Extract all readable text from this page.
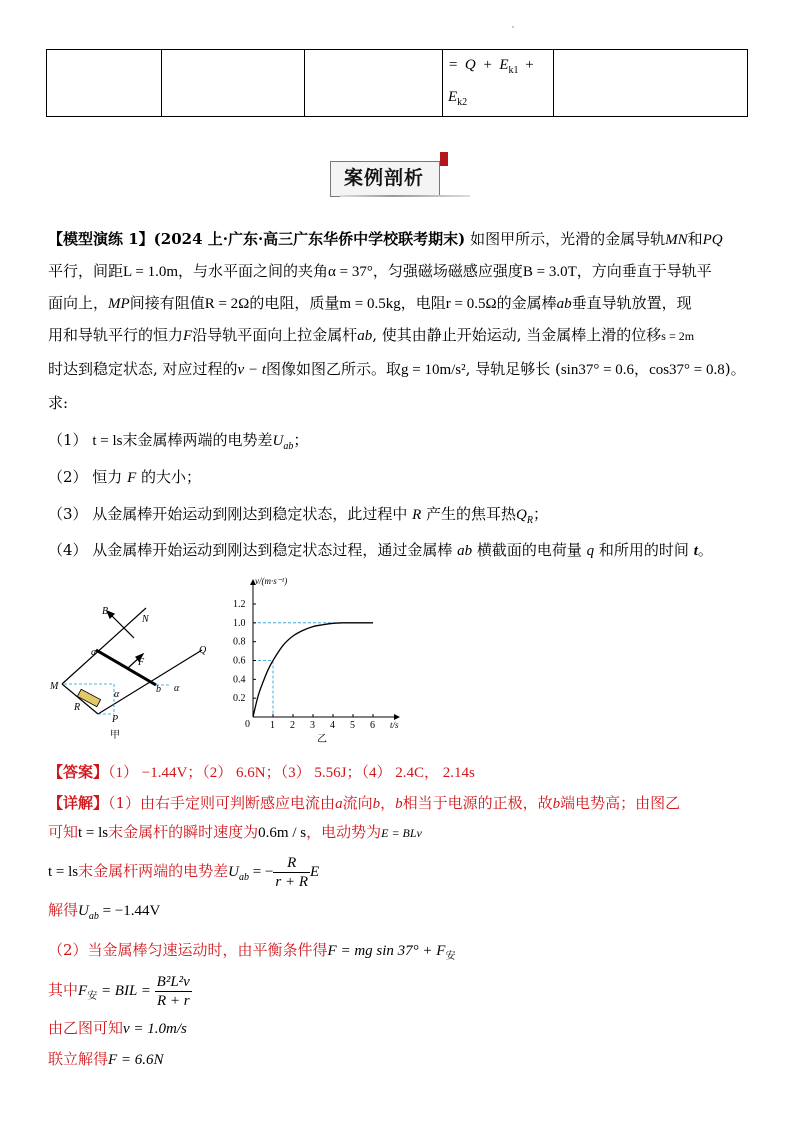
= $Q + E_{k1}$ +
$E_{k2}$

案例剖析
【模型演练 1】(2024 上·广东·高三广东华侨中学校联考期末) 如图甲所示，光滑的金属导轨MN和PQ
平行，间距L = 1.0m，与水平面之间的夹角α = 37°，匀强磁场磁感应强度B = 3.0T，方向垂直于导轨平
面向上，MP间接有阻值R = 2Ω的电阻，质量m = 0.5kg，电阻r = 0.5Ω的金属棒ab垂直导轨放置，现
用和导轨平行的恒力F沿导轨平面向上拉金属杆ab, 使其由静止开始运动, 当金属棒上滑的位移s = 2m
时达到稳定状态, 对应过程的v − t图像如图乙所示。取g = 10m/s², 导轨足够长 (sin37° = 0.6，cos37° = 0.8)。
求:
（1） t = ls末金属棒两端的电势差$U_{ab}$；
（2） 恒力 F 的大小；
（3） 从金属棒开始运动到刚达到稳定状态，此过程中 R 产生的焦耳热$Q_R$；
（4） 从金属棒开始运动到刚达到稳定状态过程，通过金属棒 ab 横截面的电荷量 q 和所用的时间 t。
B
N
a
F
Q
M	b
R
α
P
α
甲
1 2 3 4 5 6
0.2
0.4
0.6
0.8
1.0
1.2
0
v/(m·s⁻¹)
t/s
乙
【答案】（1） −1.44V；（2） 6.6N；（3） 5.56J；（4） 2.4C， 2.14s
【详解】（1）由右手定则可判断感应电流由a流向b，b相当于电源的正极，故b端电势高；由图乙
可知t = ls末金属杆的瞬时速度为0.6m / s，电动势为E = BLv
t = ls末金属杆两端的电势差$U_{ab}$ = − $\frac{R}{r + R}$ E
解得$U_{ab} = -1.44V$
（2）当金属棒匀速运动时，由平衡条件得F = mg $\sin 37^\circ + F_安$
其中$F_安$ = BIL = $\frac{\text{B²L²v}}{R + r}$
由乙图可知v = 1.0m/s
联立解得F = 6.6N
